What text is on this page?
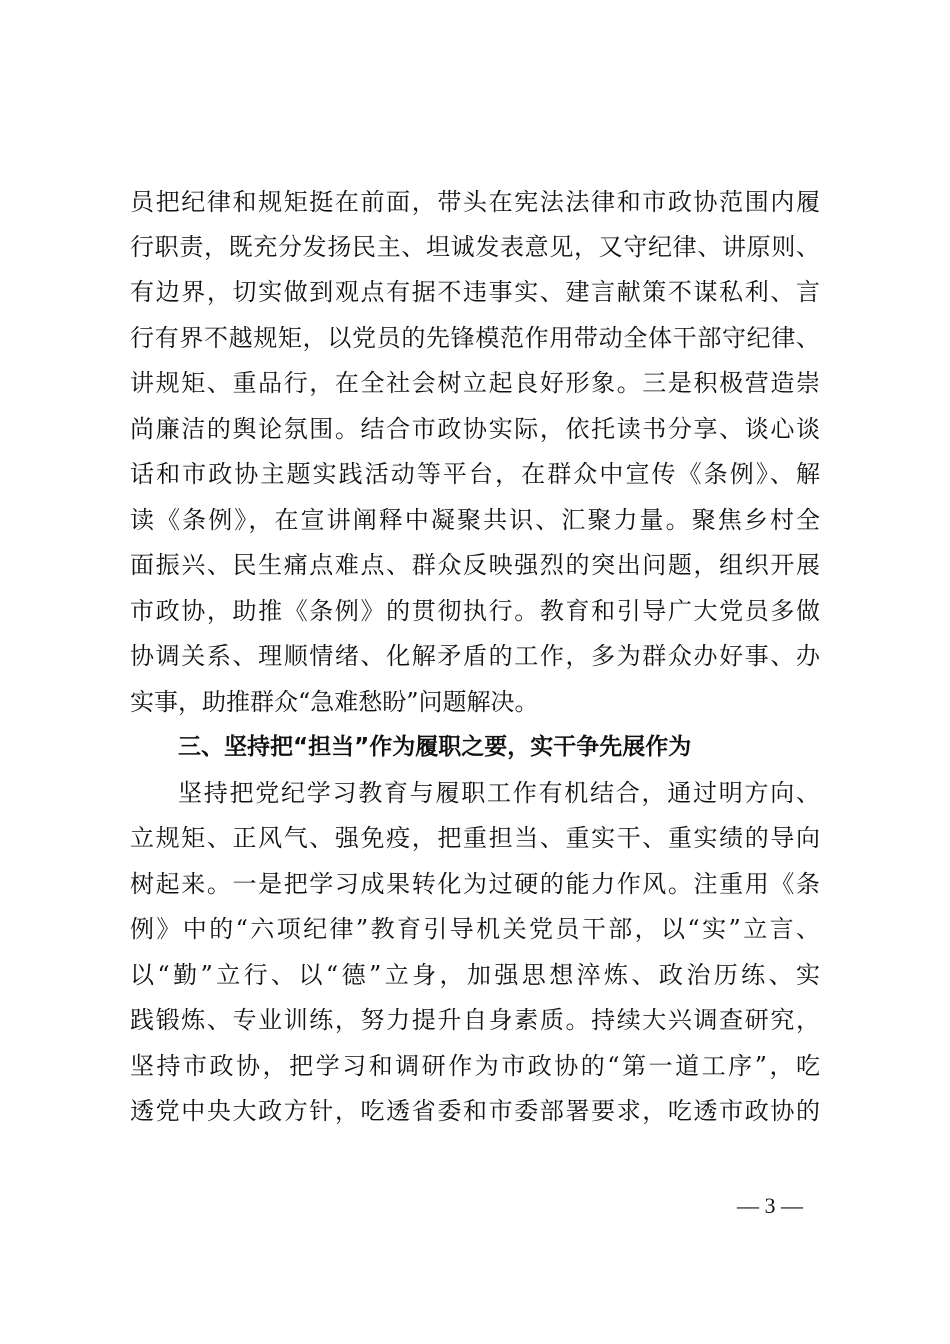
员把纪律和规矩挺在前面，带头在宪法法律和市政协范围内履
行职责，既充分发扬民主、坦诚发表意见，又守纪律、讲原则、
有边界，切实做到观点有据不违事实、建言献策不谋私利、言
行有界不越规矩，以党员的先锋模范作用带动全体干部守纪律、
讲规矩、重品行，在全社会树立起良好形象。三是积极营造崇
尚廉洁的舆论氛围。结合市政协实际，依托读书分享、谈心谈
话和市政协主题实践活动等平台，在群众中宣传《条例》、解
读《条例》，在宣讲阐释中凝聚共识、汇聚力量。聚焦乡村全
面振兴、民生痛点难点、群众反映强烈的突出问题，组织开展
市政协，助推《条例》的贯彻执行。教育和引导广大党员多做
协调关系、理顺情绪、化解矛盾的工作，多为群众办好事、办
实事，助推群众“急难愁盼”问题解决。
三、坚持把“担当”作为履职之要，实干争先展作为
坚持把党纪学习教育与履职工作有机结合，通过明方向、
立规矩、正风气、强免疫，把重担当、重实干、重实绩的导向
树起来。一是把学习成果转化为过硬的能力作风。注重用《条
例》中的“六项纪律”教育引导机关党员干部，以“实”立言、
以“勤”立行、以“德”立身，加强思想淬炼、政治历练、实
践锻炼、专业训练，努力提升自身素质。持续大兴调查研究，
坚持市政协，把学习和调研作为市政协的“第一道工序”，吃
透党中央大政方针，吃透省委和市委部署要求，吃透市政协的
— 3 —
